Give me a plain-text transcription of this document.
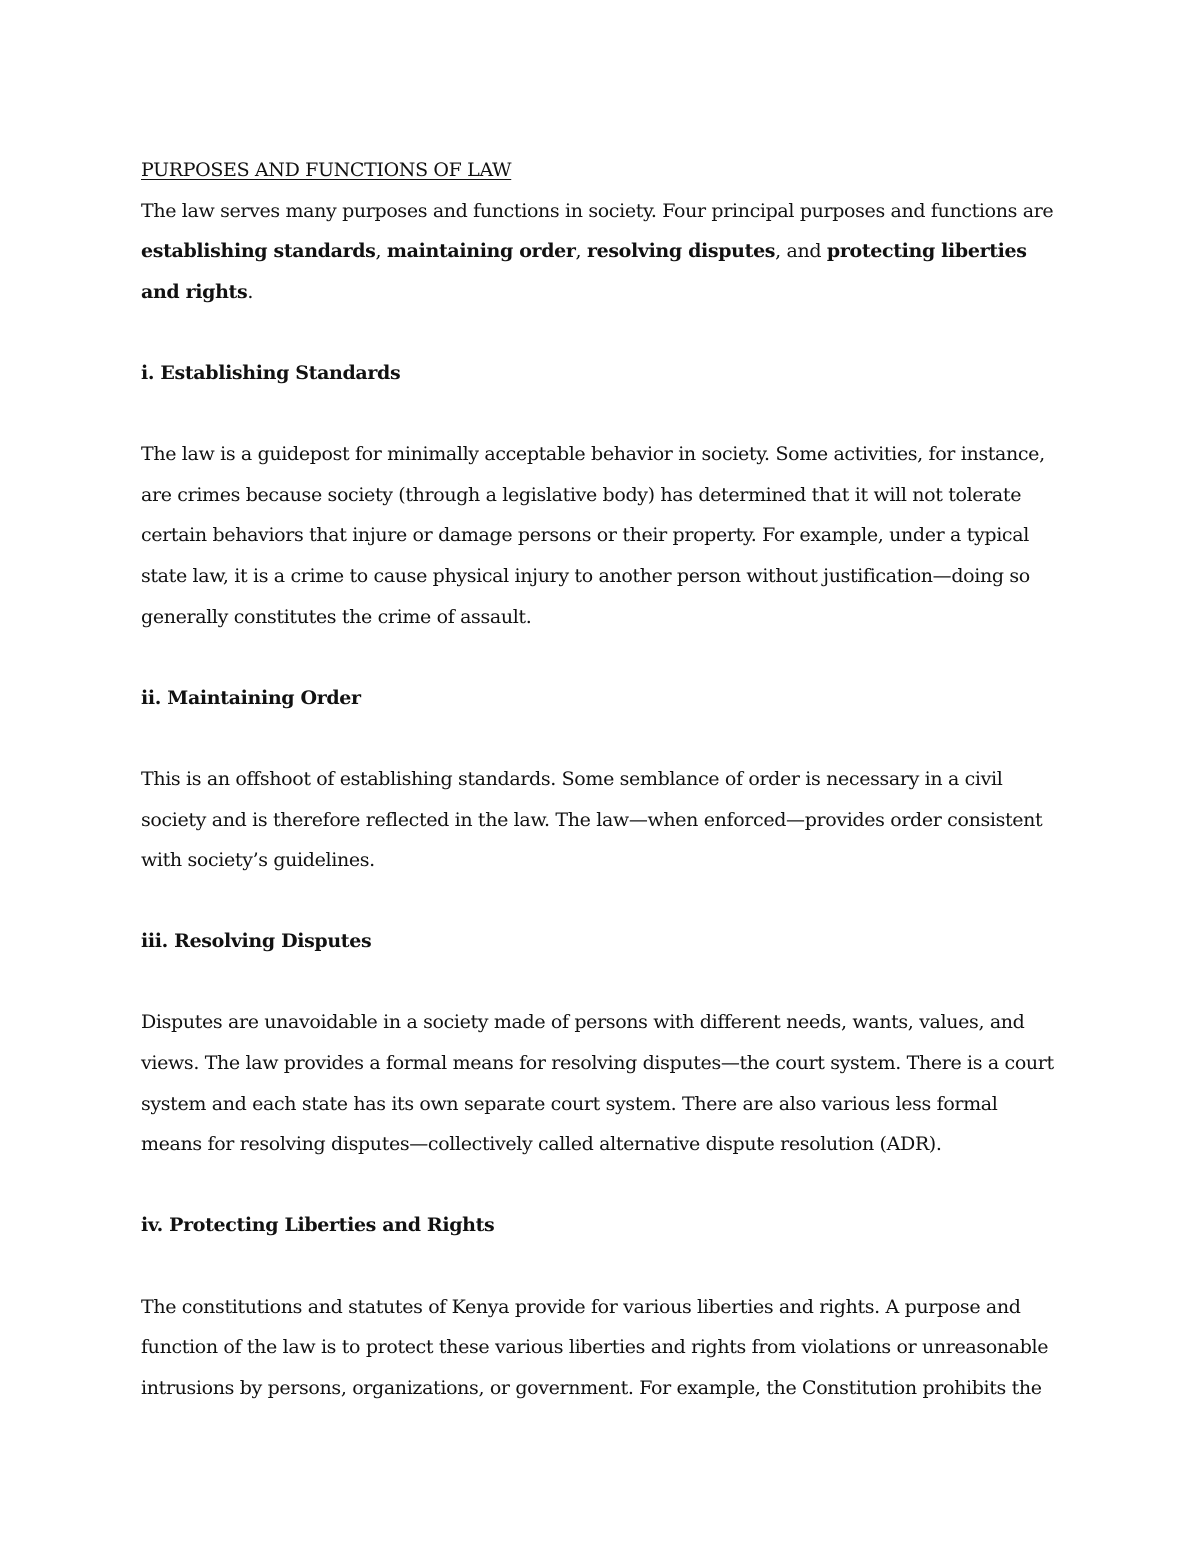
PURPOSES AND FUNCTIONS OF LAW

The law serves many purposes and functions in society. Four principal purposes and functions are establishing standards, maintaining order, resolving disputes, and protecting liberties and rights.

i. Establishing Standards

The law is a guidepost for minimally acceptable behavior in society. Some activities, for instance, are crimes because society (through a legislative body) has determined that it will not tolerate certain behaviors that injure or damage persons or their property. For example, under a typical state law, it is a crime to cause physical injury to another person without justification—doing so generally constitutes the crime of assault.

ii. Maintaining Order

This is an offshoot of establishing standards. Some semblance of order is necessary in a civil society and is therefore reflected in the law. The law—when enforced—provides order consistent with society’s guidelines.

iii. Resolving Disputes

Disputes are unavoidable in a society made of persons with different needs, wants, values, and views. The law provides a formal means for resolving disputes—the court system. There is a court system and each state has its own separate court system. There are also various less formal means for resolving disputes—collectively called alternative dispute resolution (ADR).

iv. Protecting Liberties and Rights

The constitutions and statutes of Kenya provide for various liberties and rights. A purpose and function of the law is to protect these various liberties and rights from violations or unreasonable intrusions by persons, organizations, or government. For example, the Constitution prohibits the
